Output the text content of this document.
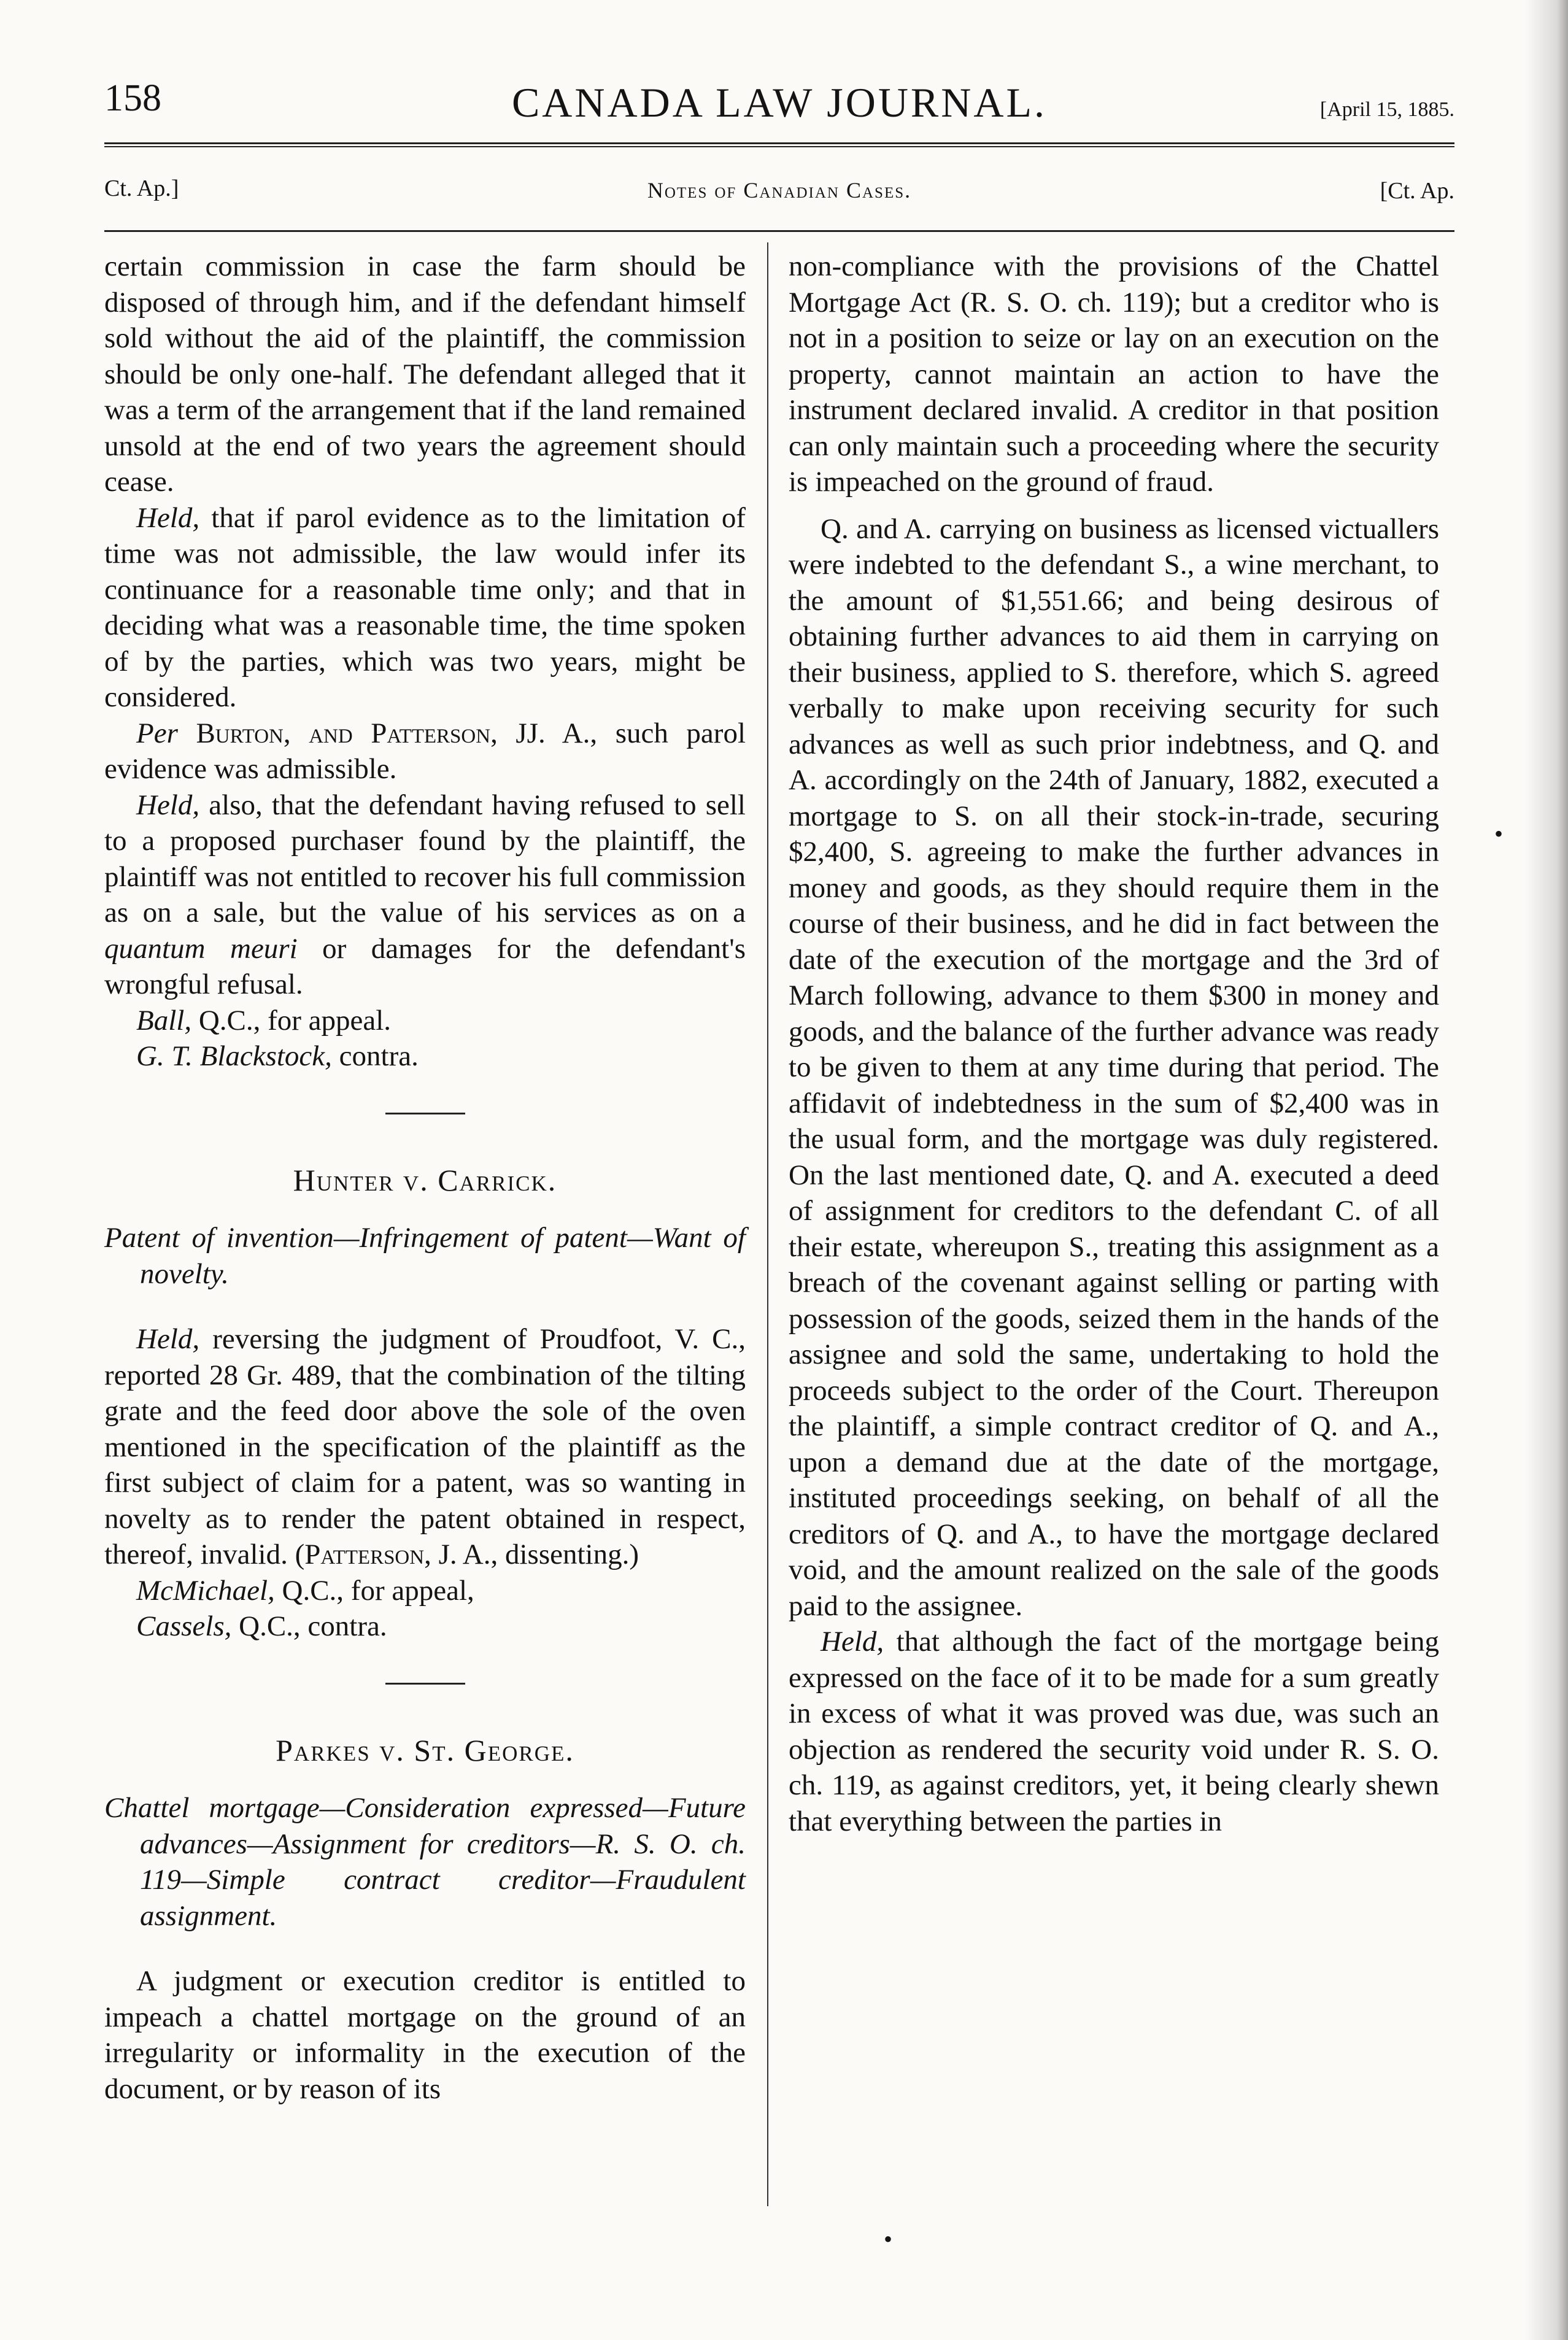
158	CANADA LAW JOURNAL.	[April 15, 1885.
Ct. Ap.]	Notes of Canadian Cases.	[Ct. Ap.

certain commission in case the farm should be disposed of through him, and if the defendant himself sold without the aid of the plaintiff, the commission should be only one-half. The defendant alleged that it was a term of the arrangement that if the land remained unsold at the end of two years the agreement should cease.

Held, that if parol evidence as to the limitation of time was not admissible, the law would infer its continuance for a reasonable time only; and that in deciding what was a reasonable time, the time spoken of by the parties, which was two years, might be considered.

Per Burton, and Patterson, JJ. A., such parol evidence was admissible.

Held, also, that the defendant having refused to sell to a proposed purchaser found by the plaintiff, the plaintiff was not entitled to recover his full commission as on a sale, but the value of his services as on a quantum meuri or damages for the defendant's wrongful refusal.

Ball, Q.C., for appeal.

G. T. Blackstock, contra.

Hunter v. Carrick.

Patent of invention—Infringement of patent—Want of novelty.

Held, reversing the judgment of Proudfoot, V. C., reported 28 Gr. 489, that the combination of the tilting grate and the feed door above the sole of the oven mentioned in the specification of the plaintiff as the first subject of claim for a patent, was so wanting in novelty as to render the patent obtained in respect, thereof, invalid. (Patterson, J. A., dissenting.)

McMichael, Q.C., for appeal,

Cassels, Q.C., contra.

Parkes v. St. George.

Chattel mortgage—Consideration expressed—Future advances—Assignment for creditors—R. S. O. ch. 119—Simple contract creditor—Fraudulent assignment.

A judgment or execution creditor is entitled to impeach a chattel mortgage on the ground of an irregularity or informality in the execution of the document, or by reason of its

non-compliance with the provisions of the Chattel Mortgage Act (R. S. O. ch. 119); but a creditor who is not in a position to seize or lay on an execution on the property, cannot maintain an action to have the instrument declared invalid. A creditor in that position can only maintain such a proceeding where the security is impeached on the ground of fraud.

Q. and A. carrying on business as licensed victuallers were indebted to the defendant S., a wine merchant, to the amount of $1,551.66; and being desirous of obtaining further advances to aid them in carrying on their business, applied to S. therefore, which S. agreed verbally to make upon receiving security for such advances as well as such prior indebtness, and Q. and A. accordingly on the 24th of January, 1882, executed a mortgage to S. on all their stock-in-trade, securing $2,400, S. agreeing to make the further advances in money and goods, as they should require them in the course of their business, and he did in fact between the date of the execution of the mortgage and the 3rd of March following, advance to them $300 in money and goods, and the balance of the further advance was ready to be given to them at any time during that period. The affidavit of indebtedness in the sum of $2,400 was in the usual form, and the mortgage was duly registered. On the last mentioned date, Q. and A. executed a deed of assignment for creditors to the defendant C. of all their estate, whereupon S., treating this assignment as a breach of the covenant against selling or parting with possession of the goods, seized them in the hands of the assignee and sold the same, undertaking to hold the proceeds subject to the order of the Court. Thereupon the plaintiff, a simple contract creditor of Q. and A., upon a demand due at the date of the mortgage, instituted proceedings seeking, on behalf of all the creditors of Q. and A., to have the mortgage declared void, and the amount realized on the sale of the goods paid to the assignee.

Held, that although the fact of the mortgage being expressed on the face of it to be made for a sum greatly in excess of what it was proved was due, was such an objection as rendered the security void under R. S. O. ch. 119, as against creditors, yet, it being clearly shewn that everything between the parties in

•
•
